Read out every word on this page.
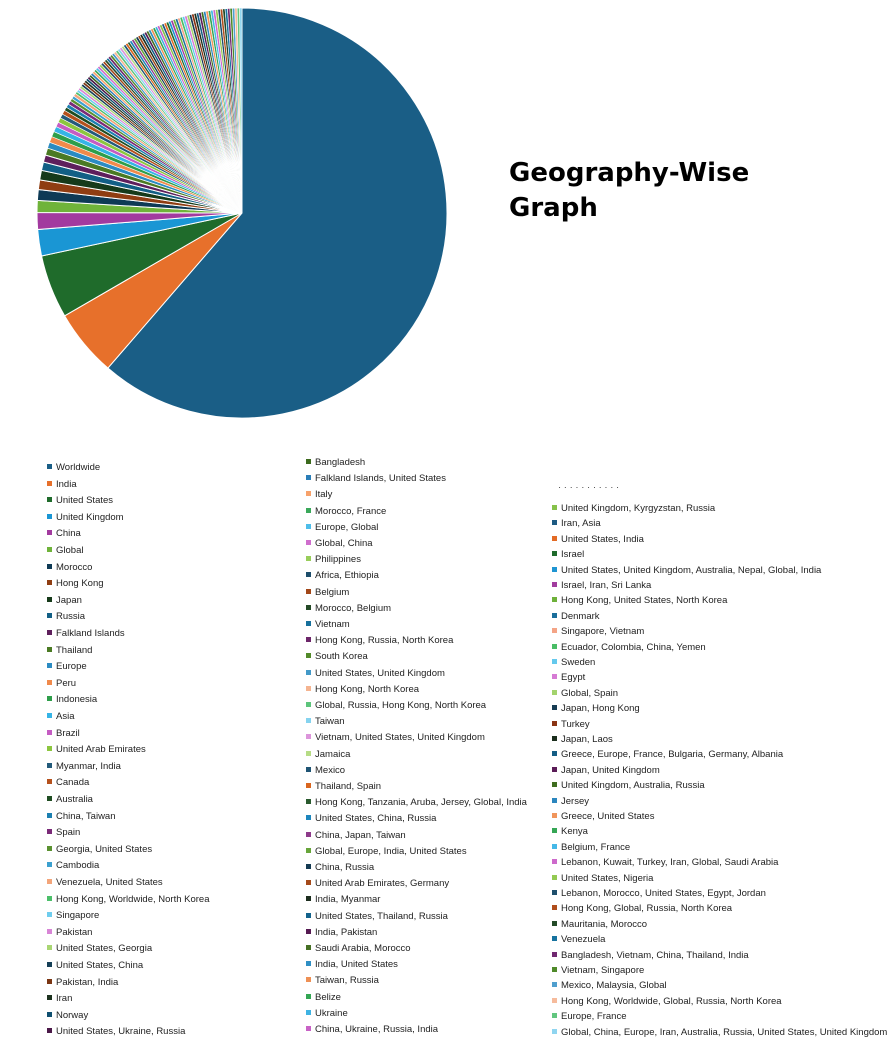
Geography-Wise Graph
Worldwide
India
United States
United Kingdom
China
Global
Morocco
Hong Kong
Japan
Russia
Falkland Islands
Thailand
Europe
Peru
Indonesia
Asia
Brazil
United Arab Emirates
Myanmar, India
Canada
Australia
China, Taiwan
Spain
Georgia, United States
Cambodia
Venezuela, United States
Hong Kong, Worldwide, North Korea
Singapore
Pakistan
United States, Georgia
United States, China
Pakistan, India
Iran
Norway
United States, Ukraine, Russia
Bangladesh
Falkland Islands, United States
Italy
Morocco, France
Europe, Global
Global, China
Philippines
Africa, Ethiopia
Belgium
Morocco, Belgium
Vietnam
Hong Kong, Russia, North Korea
South Korea
United States, United Kingdom
Hong Kong, North Korea
Global, Russia, Hong Kong, North Korea
Taiwan
Vietnam, United States, United Kingdom
Jamaica
Mexico
Thailand, Spain
Hong Kong, Tanzania, Aruba, Jersey, Global, India
United States, China, Russia
China, Japan, Taiwan
Global, Europe, India, United States
China, Russia
United Arab Emirates, Germany
India, Myanmar
United States, Thailand, Russia
India, Pakistan
Saudi Arabia, Morocco
India, United States
Taiwan, Russia
Belize
Ukraine
China, Ukraine, Russia, India
United Kingdom, Kyrgyzstan, Russia
Iran, Asia
United States, India
Israel
United States, United Kingdom, Australia, Nepal, Global, India
Israel, Iran, Sri Lanka
Hong Kong, United States, North Korea
Denmark
Singapore, Vietnam
Ecuador, Colombia, China, Yemen
Sweden
Egypt
Global, Spain
Japan, Hong Kong
Turkey
Japan, Laos
Greece, Europe, France, Bulgaria, Germany, Albania
Japan, United Kingdom
United Kingdom, Australia, Russia
Jersey
Greece, United States
Kenya
Belgium, France
Lebanon, Kuwait, Turkey, Iran, Global, Saudi Arabia
United States, Nigeria
Lebanon, Morocco, United States, Egypt, Jordan
Hong Kong, Global, Russia, North Korea
Mauritania, Morocco
Venezuela
Bangladesh, Vietnam, China, Thailand, India
Vietnam, Singapore
Mexico, Malaysia, Global
Hong Kong, Worldwide, Global, Russia, North Korea
Europe, France
Global, China, Europe, Iran, Australia, Russia, United States, United Kingdom
· · · · · · · · · · ·
